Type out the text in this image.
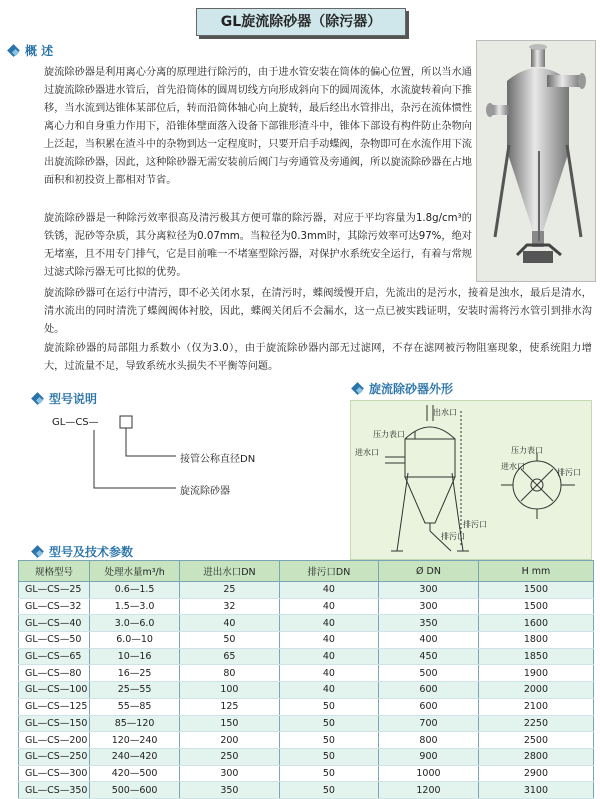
GL旋流除砂器（除污器）
概 述

旋流除砂器是利用离心分离的原理进行除污的，由于进水管安装在筒体的偏心位置，所以当水通过旋流除砂器进水管后，首先沿筒体的圆周切线方向形成斜向下的圆周流体，水流旋转着向下推移，当水流到达锥体某部位后，转而沿筒体轴心向上旋转，最后经出水管排出，杂污在流体惯性离心力和自身重力作用下，沿锥体壁面落入设备下部锥形渣斗中，锥体下部设有构件防止杂物向上泛起，当积累在渣斗中的杂物到达一定程度时，只要开启手动蝶阀，杂物即可在水流作用下流出旋流除砂器，因此，这种除砂器无需安装前后阀门与旁通管及旁通阀，所以旋流除砂器在占地面积和初投资上都相对节省。

旋流除砂器是一种除污效率很高及清污极其方便可靠的除污器，对应于平均容量为1.8g/cm³的铁锈，泥砂等杂质，其分离粒径为0.07mm。当粒径为0.3mm时，其除污效率可达97%，绝对无堵塞，且不用专门排气，它是目前唯一不堵塞型除污器，对保护水系统安全运行，有着与常规过滤式除污器无可比拟的优势。

旋流除砂器可在运行中清污，即不必关闭水泵，在清污时，蝶阀缓慢开启，先流出的是污水，接着是浊水，最后是清水，清水流出的同时清洗了蝶阀阀体衬胶，因此，蝶阀关闭后不会漏水，这一点已被实践证明，安装时需将污水管引到排水沟处。

旋流除砂器的局部阻力系数小（仅为3.0），由于旋流除砂器内部无过滤网，不存在滤网被污物阻塞现象，使系统阻力增大，过流量不足，导致系统水头损失不平衡等问题。

型号说明
GL—CS—
接管公称直径DN
旋流除砂器
旋流除砂器外形
出水口
压力表口
进水口
排污口
排污口
进水口
压力表口
排污口
型号及技术参数
规格型号	处理水量m³/h	进出水口DN	排污口DN	Ø DN	H mm
GL—CS—25	0.6—1.5	25	40	300	1500
GL—CS—32	1.5—3.0	32	40	300	1500
GL—CS—40	3.0—6.0	40	40	350	1600
GL—CS—50	6.0—10	50	40	400	1800
GL—CS—65	10—16	65	40	450	1850
GL—CS—80	16—25	80	40	500	1900
GL—CS—100	25—55	100	40	600	2000
GL—CS—125	55—85	125	50	600	2100
GL—CS—150	85—120	150	50	700	2250
GL—CS—200	120—240	200	50	800	2500
GL—CS—250	240—420	250	50	900	2800
GL—CS—300	420—500	300	50	1000	2900
GL—CS—350	500—600	350	50	1200	3100
